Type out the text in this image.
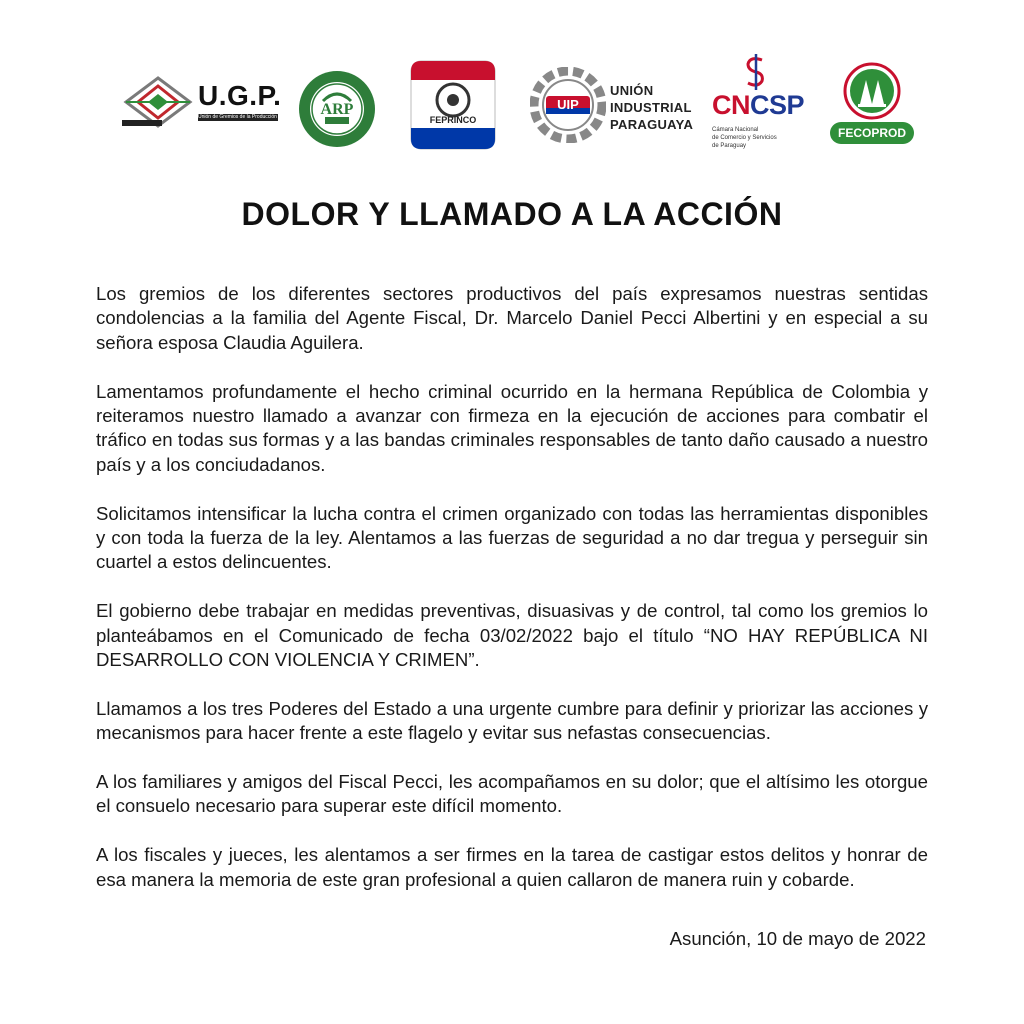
U.G.P.
Unión de Gremios de la Producción	ARP
FEPRINCO
UIP
UNIÓN
INDUSTRIAL
PARAGUAYA
CNCSP
Cámara Nacional
de Comercio y Servicios
de Paraguay
FECOPROD
DOLOR Y LLAMADO A LA ACCIÓN

Los gremios de los diferentes sectores productivos del país expresamos nuestras sentidas condolencias a la familia del Agente Fiscal, Dr. Marcelo Daniel Pecci Albertini y en especial a su señora esposa Claudia Aguilera.

Lamentamos profundamente el hecho criminal ocurrido en la hermana República de Colombia y reiteramos nuestro llamado a avanzar con firmeza en la ejecución de acciones para combatir el tráfico en todas sus formas y a las bandas criminales responsables de tanto daño causado a nuestro país y a los conciudadanos.

Solicitamos intensificar la lucha contra el crimen organizado con todas las herramientas disponibles y con toda la fuerza de la ley. Alentamos a las fuerzas de seguridad a no dar tregua y perseguir sin cuartel a estos delincuentes.

El gobierno debe trabajar en medidas preventivas, disuasivas y de control, tal como los gremios lo planteábamos en el Comunicado de fecha 03/02/2022 bajo el título “NO HAY REPÚBLICA NI DESARROLLO CON VIOLENCIA Y CRIMEN”.

Llamamos a los tres Poderes del Estado a una urgente cumbre para definir y priorizar las acciones y mecanismos para hacer frente a este flagelo y evitar sus nefastas consecuencias.

A los familiares y amigos del Fiscal Pecci, les acompañamos en su dolor; que el altísimo les otorgue el consuelo necesario para superar este difícil momento.

A los fiscales y jueces, les alentamos a ser firmes en la tarea de castigar estos delitos y honrar de esa manera la memoria de este gran profesional a quien callaron de manera ruin y cobarde.

Asunción, 10 de mayo de 2022
